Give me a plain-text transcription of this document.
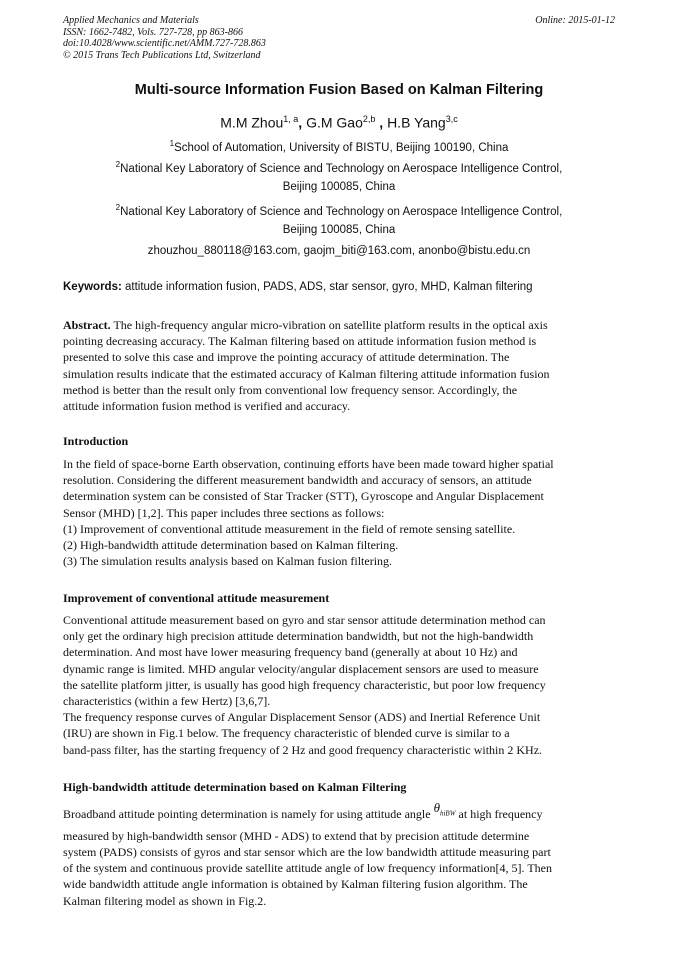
Applied Mechanics and Materials
ISSN: 1662-7482, Vols. 727-728, pp 863-866
doi:10.4028/www.scientific.net/AMM.727-728.863
© 2015 Trans Tech Publications Ltd, Switzerland
Online: 2015-01-12
Multi-source Information Fusion Based on Kalman Filtering
M.M Zhou$^{1, a}$, G.M Gao$^{2,b}$ , H.B Yang$^{3,c}$
$^1$School of Automation, University of BISTU, Beijing 100190, China
$^2$National Key Laboratory of Science and Technology on Aerospace Intelligence Control,
Beijing 100085, China
$^2$National Key Laboratory of Science and Technology on Aerospace Intelligence Control,
Beijing 100085, China
zhouzhou_880118@163.com, gaojm_biti@163.com, anonbo@bistu.edu.cn
Keywords: attitude information fusion, PADS, ADS, star sensor, gyro, MHD, Kalman filtering
Abstract. The high-frequency angular micro-vibration on satellite platform results in the optical axis
pointing decreasing accuracy. The Kalman filtering based on attitude information fusion method is
presented to solve this case and improve the pointing accuracy of attitude determination. The
simulation results indicate that the estimated accuracy of Kalman filtering attitude information fusion
method is better than the result only from conventional low frequency sensor. Accordingly, the
attitude information fusion method is verified and accuracy.
Introduction
In the field of space-borne Earth observation, continuing efforts have been made toward higher spatial
resolution. Considering the different measurement bandwidth and accuracy of sensors, an attitude
determination system can be consisted of Star Tracker (STT), Gyroscope and Angular Displacement
Sensor (MHD) [1,2]. This paper includes three sections as follows:
(1) Improvement of conventional attitude measurement in the field of remote sensing satellite.
(2) High-bandwidth attitude determination based on Kalman filtering.
(3) The simulation results analysis based on Kalman fusion filtering.
Improvement of conventional attitude measurement
Conventional attitude measurement based on gyro and star sensor attitude determination method can
only get the ordinary high precision attitude determination bandwidth, but not the high-bandwidth
determination. And most have lower measuring frequency band (generally at about 10 Hz) and
dynamic range is limited. MHD angular velocity/angular displacement sensors are used to measure
the satellite platform jitter, is usually has good high frequency characteristic, but poor low frequency
characteristics (within a few Hertz) [3,6,7].
The frequency response curves of Angular Displacement Sensor (ADS) and Inertial Reference Unit
(IRU) are shown in Fig.1 below. The frequency characteristic of blended curve is similar to a
band-pass filter, has the starting frequency of 2 Hz and good frequency characteristic within 2 KHz.
High-bandwidth attitude determination based on Kalman Filtering
Broadband attitude pointing determination is namely for using attitude angle $\theta_{hiBW}$ at high frequency
measured by high-bandwidth sensor (MHD - ADS) to extend that by precision attitude determine
system (PADS) consists of gyros and star sensor which are the low bandwidth attitude measuring part
of the system and continuous provide satellite attitude angle of low frequency information[4, 5]. Then
wide bandwidth attitude angle information is obtained by Kalman filtering fusion algorithm. The
Kalman filtering model as shown in Fig.2.
